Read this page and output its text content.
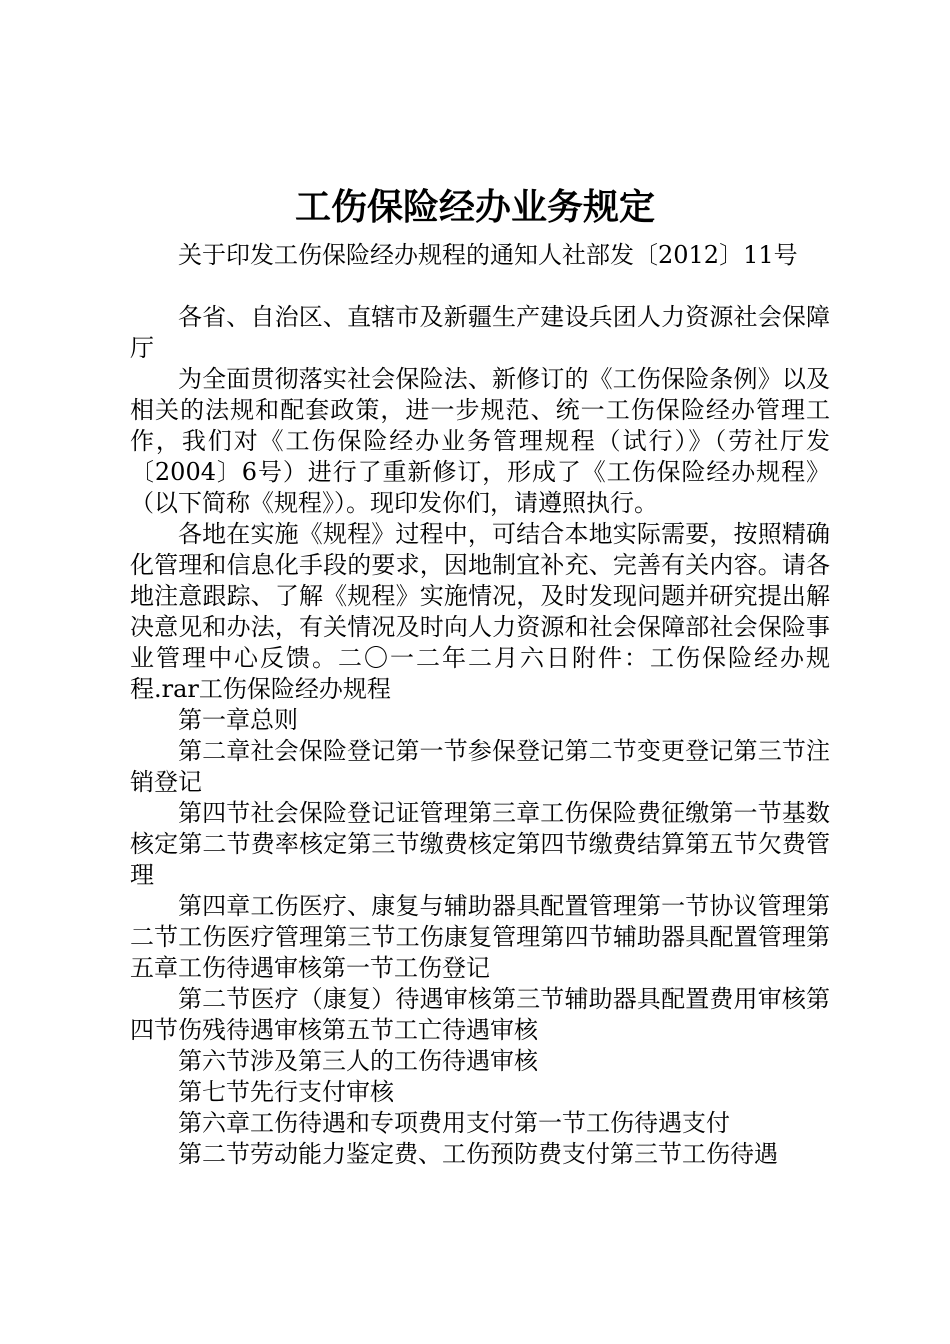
工伤保险经办业务规定

关于印发工伤保险经办规程的通知人社部发〔2012〕11号

各省、自治区、直辖市及新疆生产建设兵团人力资源社会保障厅

为全面贯彻落实社会保险法、新修订的《工伤保险条例》以及相关的法规和配套政策，进一步规范、统一工伤保险经办管理工作，我们对《工伤保险经办业务管理规程（试行）》（劳社厅发〔2004〕6号）进行了重新修订，形成了《工伤保险经办规程》（以下简称《规程》）。现印发你们，请遵照执行。

各地在实施《规程》过程中，可结合本地实际需要，按照精确化管理和信息化手段的要求，因地制宜补充、完善有关内容。请各地注意跟踪、了解《规程》实施情况，及时发现问题并研究提出解决意见和办法，有关情况及时向人力资源和社会保障部社会保险事业管理中心反馈。二〇一二年二月六日附件：工伤保险经办规程.rar工伤保险经办规程

第一章总则

第二章社会保险登记第一节参保登记第二节变更登记第三节注销登记

第四节社会保险登记证管理第三章工伤保险费征缴第一节基数核定第二节费率核定第三节缴费核定第四节缴费结算第五节欠费管理

第四章工伤医疗、康复与辅助器具配置管理第一节协议管理第二节工伤医疗管理第三节工伤康复管理第四节辅助器具配置管理第五章工伤待遇审核第一节工伤登记

第二节医疗（康复）待遇审核第三节辅助器具配置费用审核第四节伤残待遇审核第五节工亡待遇审核

第六节涉及第三人的工伤待遇审核

第七节先行支付审核

第六章工伤待遇和专项费用支付第一节工伤待遇支付

第二节劳动能力鉴定费、工伤预防费支付第三节工伤待遇
